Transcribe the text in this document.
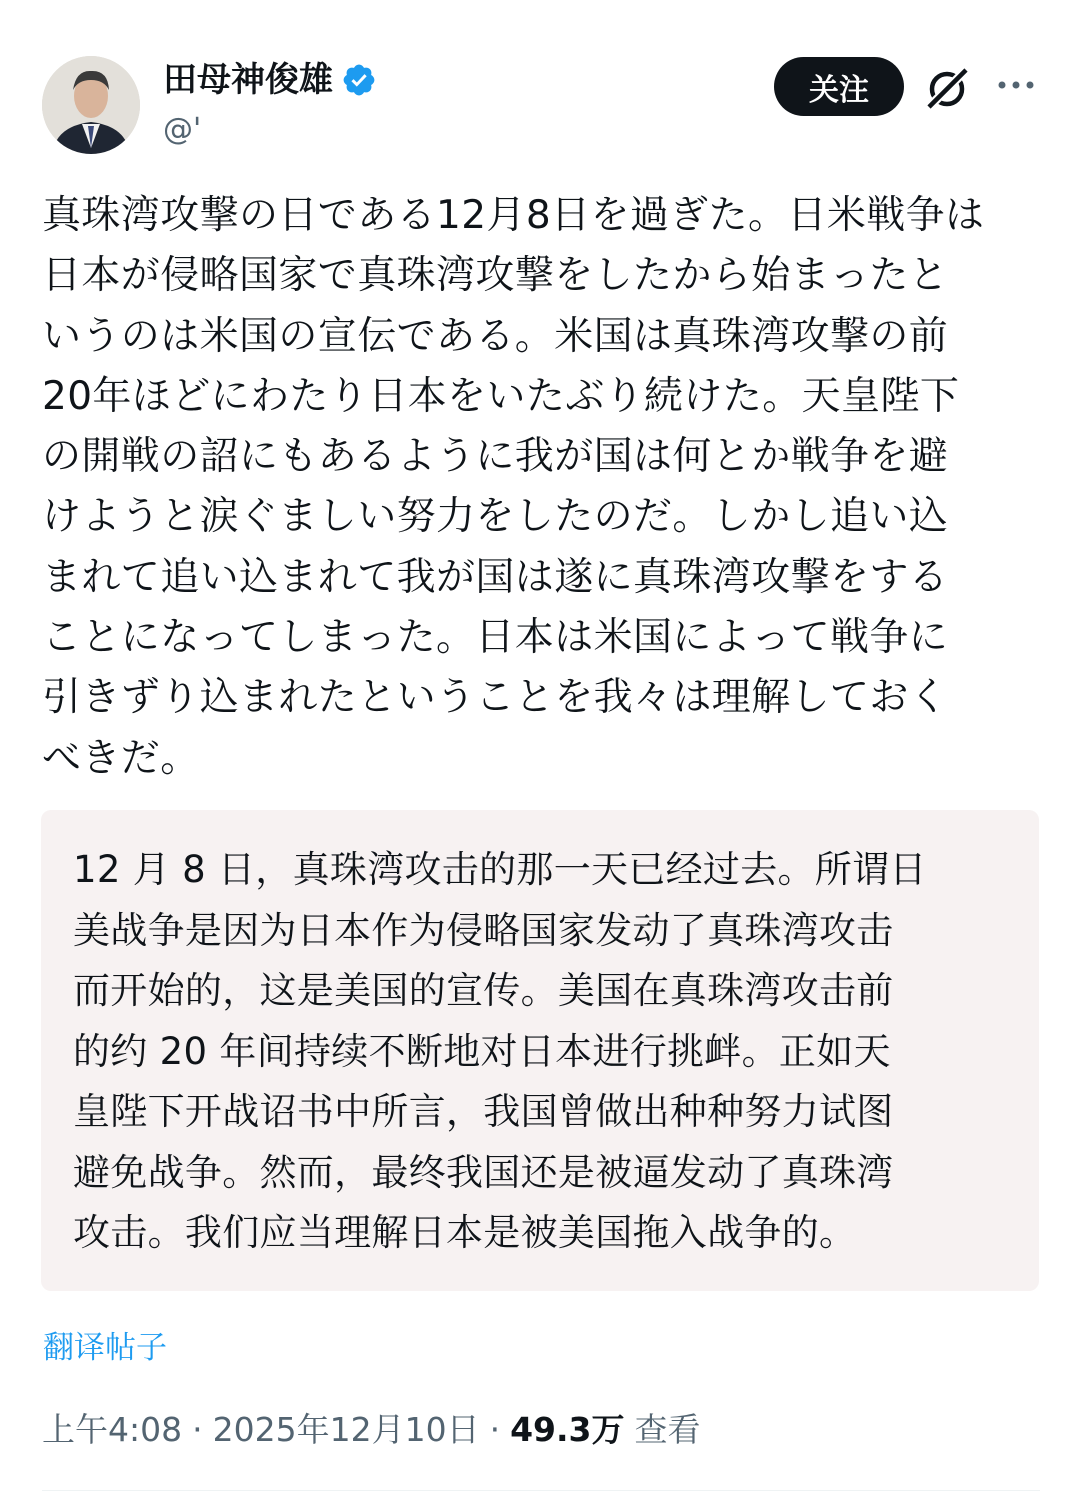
田母神俊雄
@'
关注

真珠湾攻撃の日である12月8日を過ぎた。日米戦争は
日本が侵略国家で真珠湾攻撃をしたから始まったと
いうのは米国の宣伝である。米国は真珠湾攻撃の前
20年ほどにわたり日本をいたぶり続けた。天皇陛下
の開戦の詔にもあるように我が国は何とか戦争を避
けようと涙ぐましい努力をしたのだ。しかし追い込
まれて追い込まれて我が国は遂に真珠湾攻撃をする
ことになってしまった。日本は米国によって戦争に
引きずり込まれたということを我々は理解しておく
べきだ。

12 月 8 日，真珠湾攻击的那一天已经过去。所谓日
美战争是因为日本作为侵略国家发动了真珠湾攻击
而开始的，这是美国的宣传。美国在真珠湾攻击前
的约 20 年间持续不断地对日本进行挑衅。正如天
皇陛下开战诏书中所言，我国曾做出种种努力试图
避免战争。然而，最终我国还是被逼发动了真珠湾
攻击。我们应当理解日本是被美国拖入战争的。

翻译帖子
上午4:08 · 2025年12月10日 · 49.3万 查看
